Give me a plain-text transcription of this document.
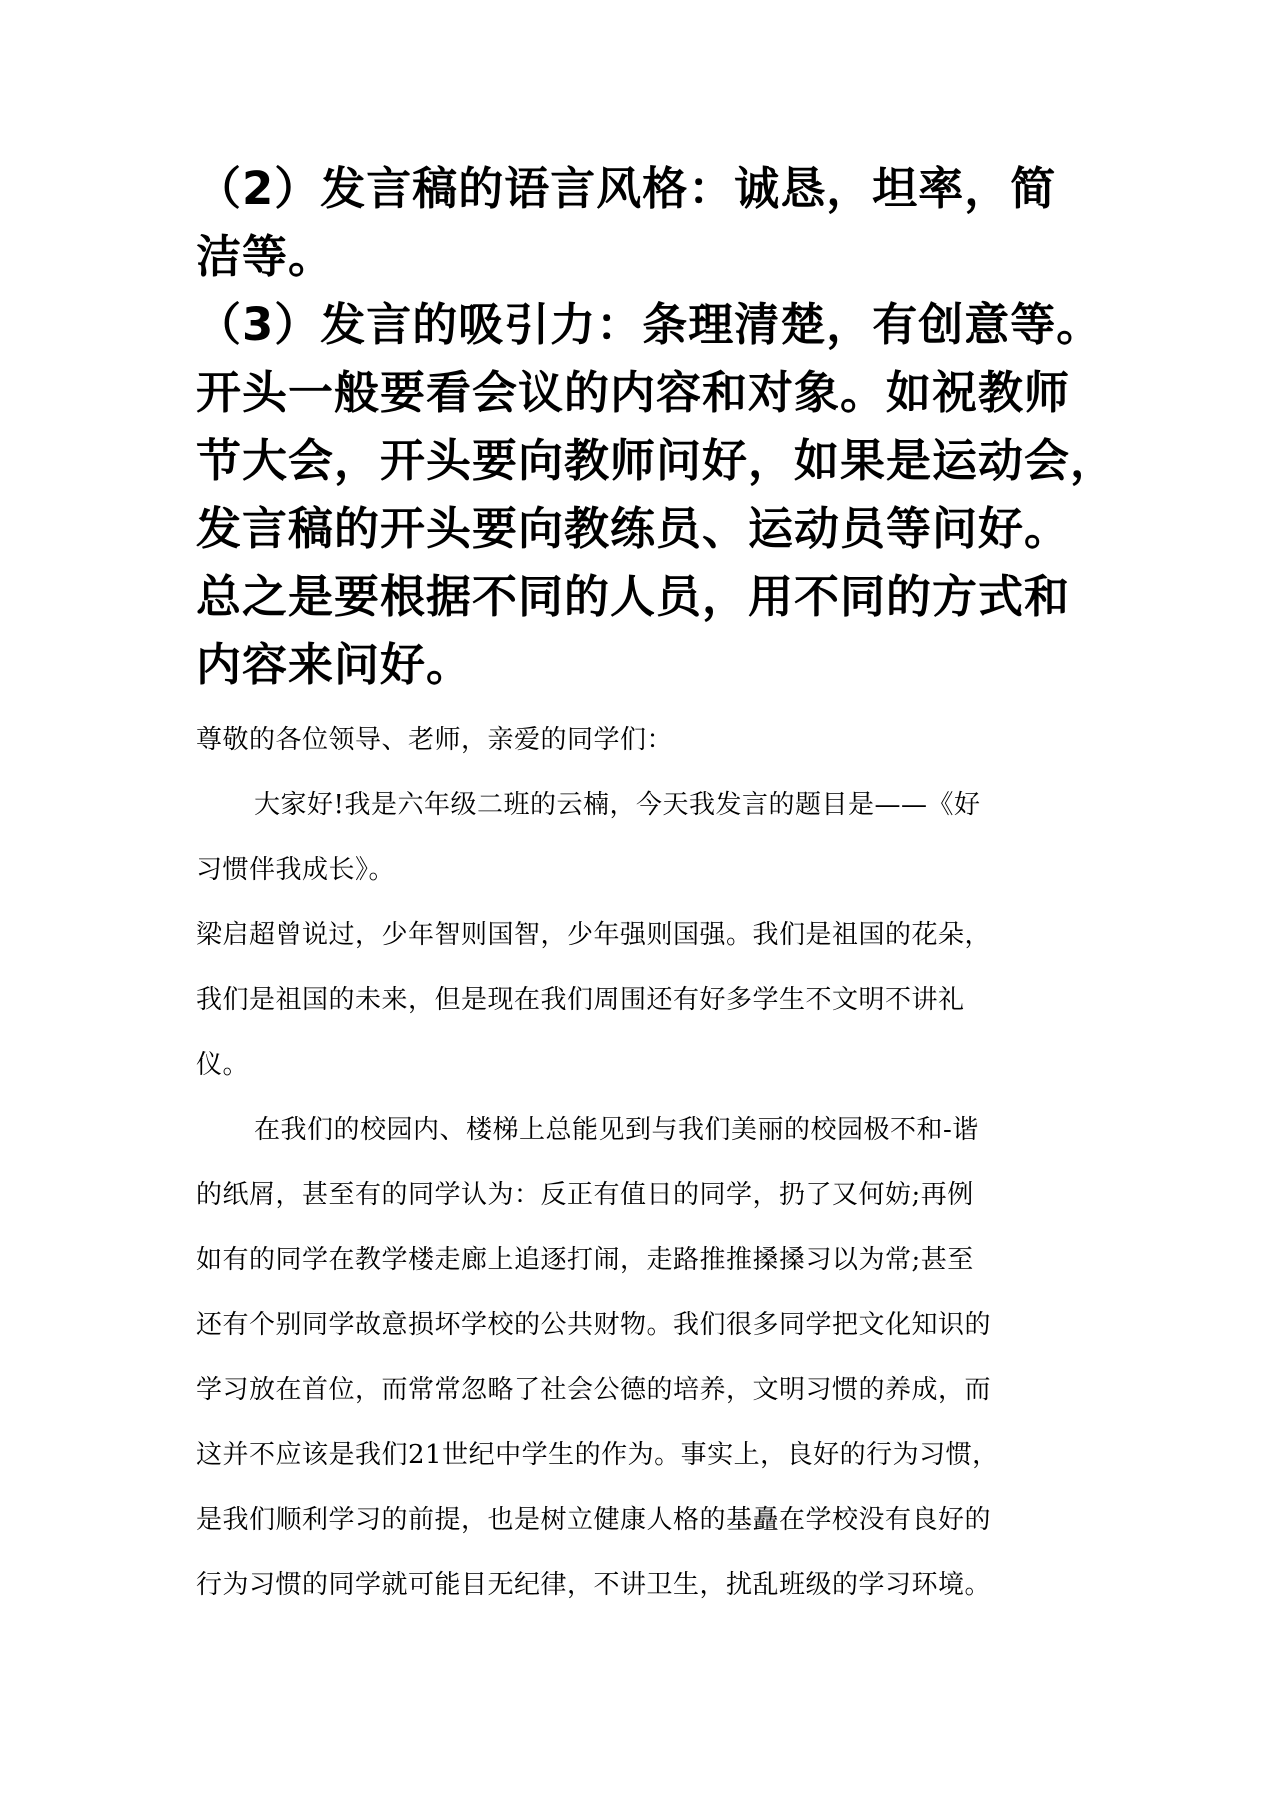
（2）发言稿的语言风格：诚恳，坦率，简
洁等。
（3）发言的吸引力：条理清楚，有创意等。
开头一般要看会议的内容和对象。如祝教师
节大会，开头要向教师问好，如果是运动会，
发言稿的开头要向教练员、运动员等问好。
总之是要根据不同的人员，用不同的方式和
内容来问好。
尊敬的各位领导、老师，亲爱的同学们：
大家好!我是六年级二班的云楠，今天我发言的题目是——《好
习惯伴我成长》。
梁启超曾说过，少年智则国智，少年强则国强。我们是祖国的花朵，
我们是祖国的未来，但是现在我们周围还有好多学生不文明不讲礼
仪。
在我们的校园内、楼梯上总能见到与我们美丽的校园极不和-谐
的纸屑，甚至有的同学认为：反正有值日的同学，扔了又何妨;再例
如有的同学在教学楼走廊上追逐打闹，走路推推搡搡习以为常;甚至
还有个别同学故意损坏学校的公共财物。我们很多同学把文化知识的
学习放在首位，而常常忽略了社会公德的培养，文明习惯的养成，而
这并不应该是我们21世纪中学生的作为。事实上，良好的行为习惯，
是我们顺利学习的前提，也是树立健康人格的基矗在学校没有良好的
行为习惯的同学就可能目无纪律，不讲卫生，扰乱班级的学习环境。
